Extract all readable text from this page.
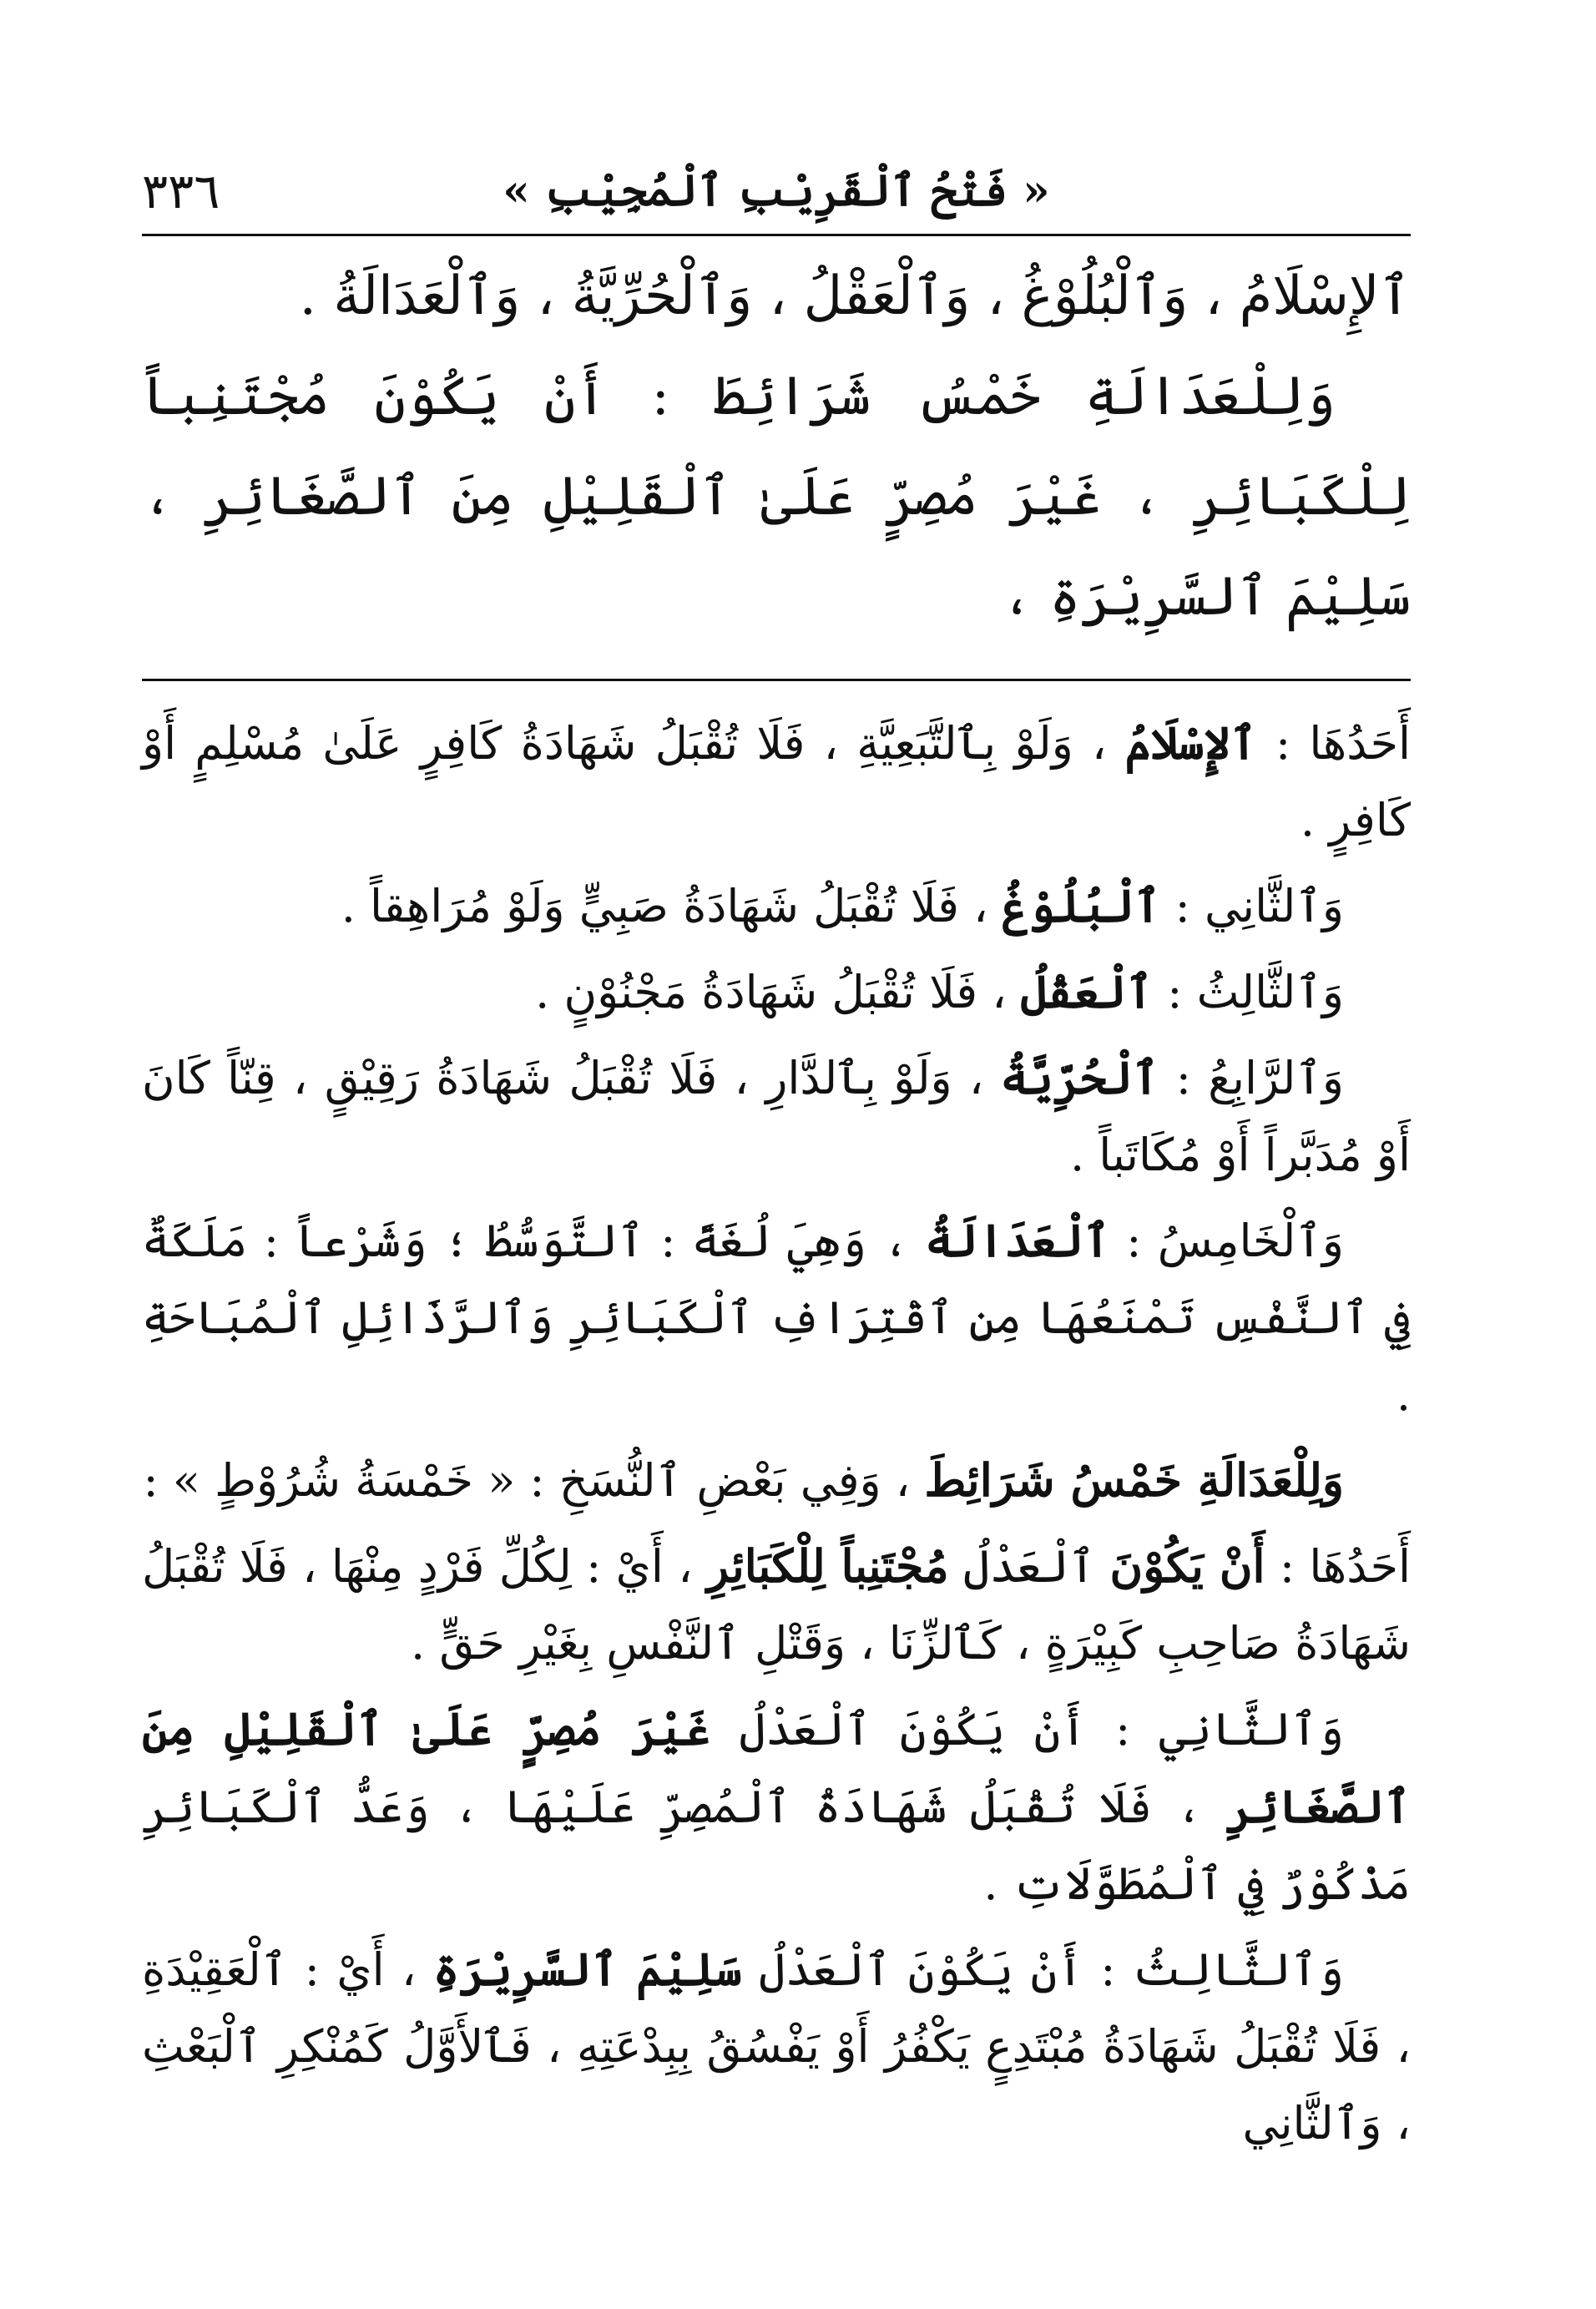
٣٣٦	« فَتْحُ ٱلْقَرِيْبِ ٱلْمُجِيْبِ »

ٱلإِسْلَامُ ، وَٱلْبُلُوْغُ ، وَٱلْعَقْلُ ، وَٱلْحُرِّيَّةُ ، وَٱلْعَدَالَةُ .

وَلِلْعَدَالَةِ خَمْسُ شَرَائِطَ : أَنْ يَكُوْنَ مُجْتَنِباً لِلْكَبَائِرِ ، غَيْرَ مُصِرٍّ عَلَىٰ ٱلْقَلِيْلِ مِنَ ٱلصَّغَائِرِ ، سَلِيْمَ ٱلسَّرِيْرَةِ ،

أَحَدُهَا : ٱلإِسْلَامُ ، وَلَوْ بِٱلتَّبَعِيَّةِ ، فَلَا تُقْبَلُ شَهَادَةُ كَافِرٍ عَلَىٰ مُسْلِمٍ أَوْ كَافِرٍ .

وَٱلثَّانِي : ٱلْبُلُوْغُ ، فَلَا تُقْبَلُ شَهَادَةُ صَبِيٍّ وَلَوْ مُرَاهِقاً .

وَٱلثَّالِثُ : ٱلْعَقْلُ ، فَلَا تُقْبَلُ شَهَادَةُ مَجْنُوْنٍ .

وَٱلرَّابِعُ : ٱلْحُرِّيَّةُ ، وَلَوْ بِٱلدَّارِ ، فَلَا تُقْبَلُ شَهَادَةُ رَقِيْقٍ ، قِنّاً كَانَ أَوْ مُدَبَّراً أَوْ مُكَاتَباً .

وَٱلْخَامِسُ : ٱلْعَدَالَةُ ، وَهِيَ لُغَةً : ٱلتَّوَسُّطُ ؛ وَشَرْعاً : مَلَكَةٌ فِي ٱلنَّفْسِ تَمْنَعُهَا مِنِ ٱقْتِرَافِ ٱلْكَبَائِرِ وَٱلرَّذَائِلِ ٱلْمُبَاحَةِ .

وَلِلْعَدَالَةِ خَمْسُ شَرَائِطَ ، وَفِي بَعْضِ ٱلنُّسَخِ : « خَمْسَةُ شُرُوْطٍ » :

أَحَدُهَا : أَنْ يَكُوْنَ ٱلْعَدْلُ مُجْتَنِباً لِلْكَبَائِرِ ، أَيْ : لِكُلِّ فَرْدٍ مِنْهَا ، فَلَا تُقْبَلُ شَهَادَةُ صَاحِبِ كَبِيْرَةٍ ، كَٱلزِّنَا ، وَقَتْلِ ٱلنَّفْسِ بِغَيْرِ حَقٍّ .

وَٱلثَّانِي : أَنْ يَكُوْنَ ٱلْعَدْلُ غَيْرَ مُصِرٍّ عَلَىٰ ٱلْقَلِيْلِ مِنَ ٱلصَّغَائِرِ ، فَلَا تُقْبَلُ شَهَادَةُ ٱلْمُصِرِّ عَلَيْهَا ، وَعَدُّ ٱلْكَبَائِرِ مَذْكُوْرٌ فِي ٱلْمُطَوَّلَاتِ .

وَٱلثَّالِثُ : أَنْ يَكُوْنَ ٱلْعَدْلُ سَلِيْمَ ٱلسَّرِيْرَةِ ، أَيْ : ٱلْعَقِيْدَةِ ، فَلَا تُقْبَلُ شَهَادَةُ مُبْتَدِعٍ يَكْفُرُ أَوْ يَفْسُقُ بِبِدْعَتِهِ ، فَٱلأَوَّلُ كَمُنْكِرِ ٱلْبَعْثِ ، وَٱلثَّانِي
